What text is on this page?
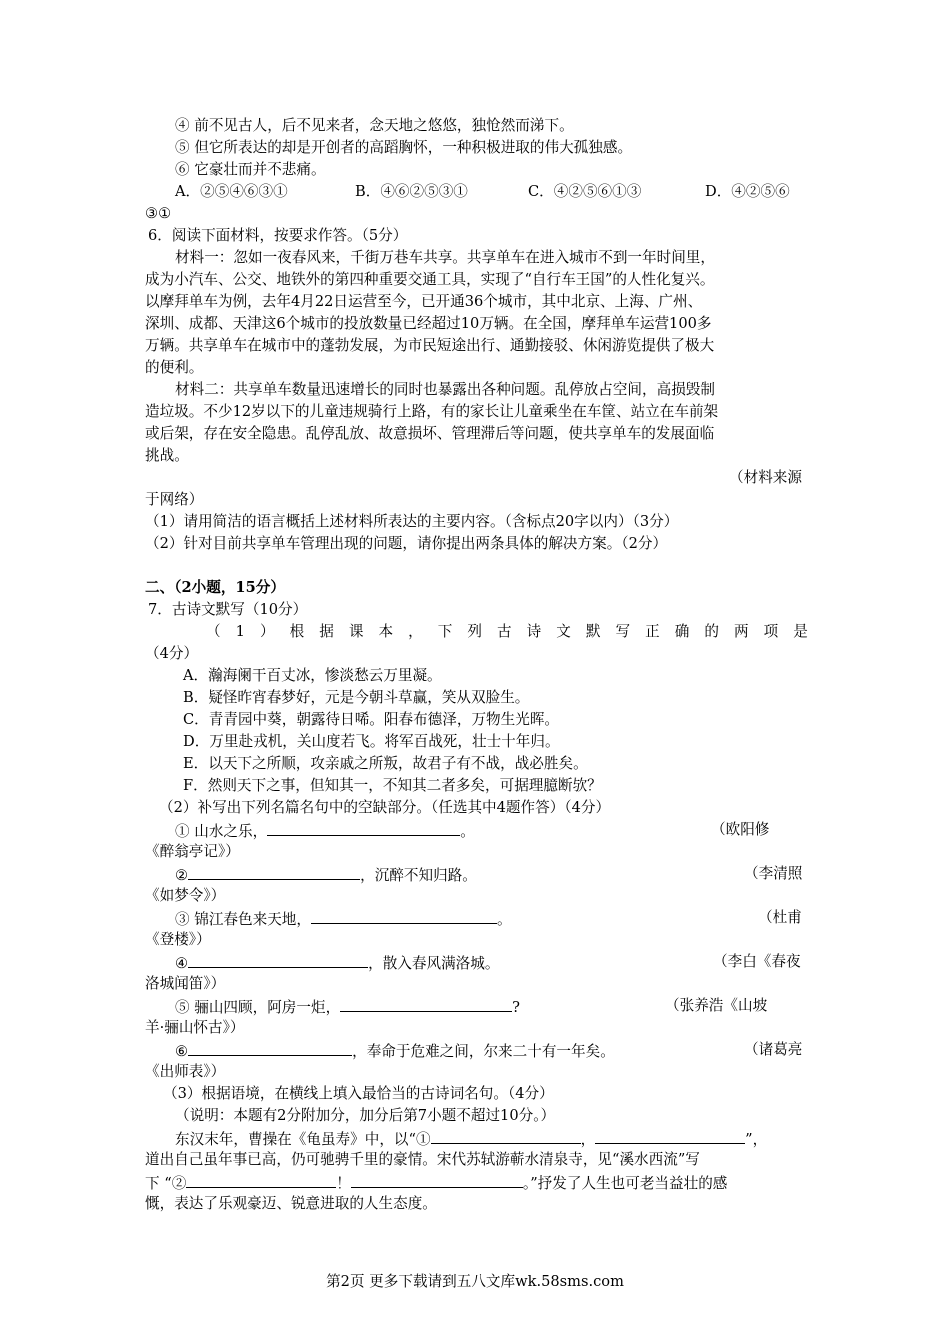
④ 前不见古人，后不见来者，念天地之悠悠，独怆然而涕下。
⑤ 但它所表达的却是开创者的高蹈胸怀，一种积极进取的伟大孤独感。
⑥ 它豪壮而并不悲痛。
A．②⑤④⑥③①	B．④⑥②⑤③①	C．④②⑤⑥①③	D．④②⑤⑥
③①
6．阅读下面材料，按要求作答。（5分）
材料一：忽如一夜春风来，千街万巷车共享。共享单车在进入城市不到一年时间里，
成为小汽车、公交、地铁外的第四种重要交通工具，实现了“自行车王国”的人性化复兴。
以摩拜单车为例，去年4月22日运营至今，已开通36个城市，其中北京、上海、广州、
深圳、成都、天津这6个城市的投放数量已经超过10万辆。在全国，摩拜单车运营100多
万辆。共享单车在城市中的蓬勃发展，为市民短途出行、通勤接驳、休闲游览提供了极大
的便利。
材料二：共享单车数量迅速增长的同时也暴露出各种问题。乱停放占空间，高损毁制
造垃圾。不少12岁以下的儿童违规骑行上路，有的家长让儿童乘坐在车筐、站立在车前架
或后架，存在安全隐患。乱停乱放、故意损坏、管理滞后等问题，使共享单车的发展面临
挑战。
（材料来源
于网络）
（1）请用简洁的语言概括上述材料所表达的主要内容。（含标点20字以内）（3分）
（2）针对目前共享单车管理出现的问题，请你提出两条具体的解决方案。（2分）
二、（2小题，15分）
7．古诗文默写（10分）
（ 1 ） 根 据 课 本 ， 下 列 古 诗 文 默 写 正 确 的 两 项 是
（4分）
A．瀚海阑干百丈冰，惨淡愁云万里凝。
B．疑怪昨宵春梦好，元是今朝斗草赢，笑从双脸生。
C．青青园中葵，朝露待日唏。阳春布德泽，万物生光晖。
D．万里赴戎机，关山度若飞。将军百战死，壮士十年归。
E．以天下之所顺，攻亲戚之所叛，故君子有不战，战必胜矣。
F．然则天下之事，但知其一，不知其二者多矣，可据理臆断欤？
（2）补写出下列名篇名句中的空缺部分。（任选其中4题作答）（4分）
① 山水之乐，	。	（欧阳修
《醉翁亭记》）
②	，沉醉不知归路。	（李清照
《如梦令》）
③ 锦江春色来天地，	。	（杜甫
《登楼》）
④	，散入春风满洛城。	（李白《春夜
洛城闻笛》）
⑤ 骊山四顾，阿房一炬，	?	（张养浩《山坡
羊·骊山怀古》）
⑥	，奉命于危难之间，尔来二十有一年矣。	（诸葛亮
《出师表》）
（3）根据语境，在横线上填入最恰当的古诗词名句。（4分）
（说明：本题有2分附加分，加分后第7小题不超过10分。）
东汉末年，曹操在《龟虽寿》中，以“①	，	”，
道出自己虽年事已高，仍可驰骋千里的豪情。宋代苏轼游蕲水清泉寺，见“溪水西流”写
下 “②	！	。”抒发了人生也可老当益壮的感
慨，表达了乐观豪迈、锐意进取的人生态度。
第2页 更多下载请到五八文库wk.58sms.com
